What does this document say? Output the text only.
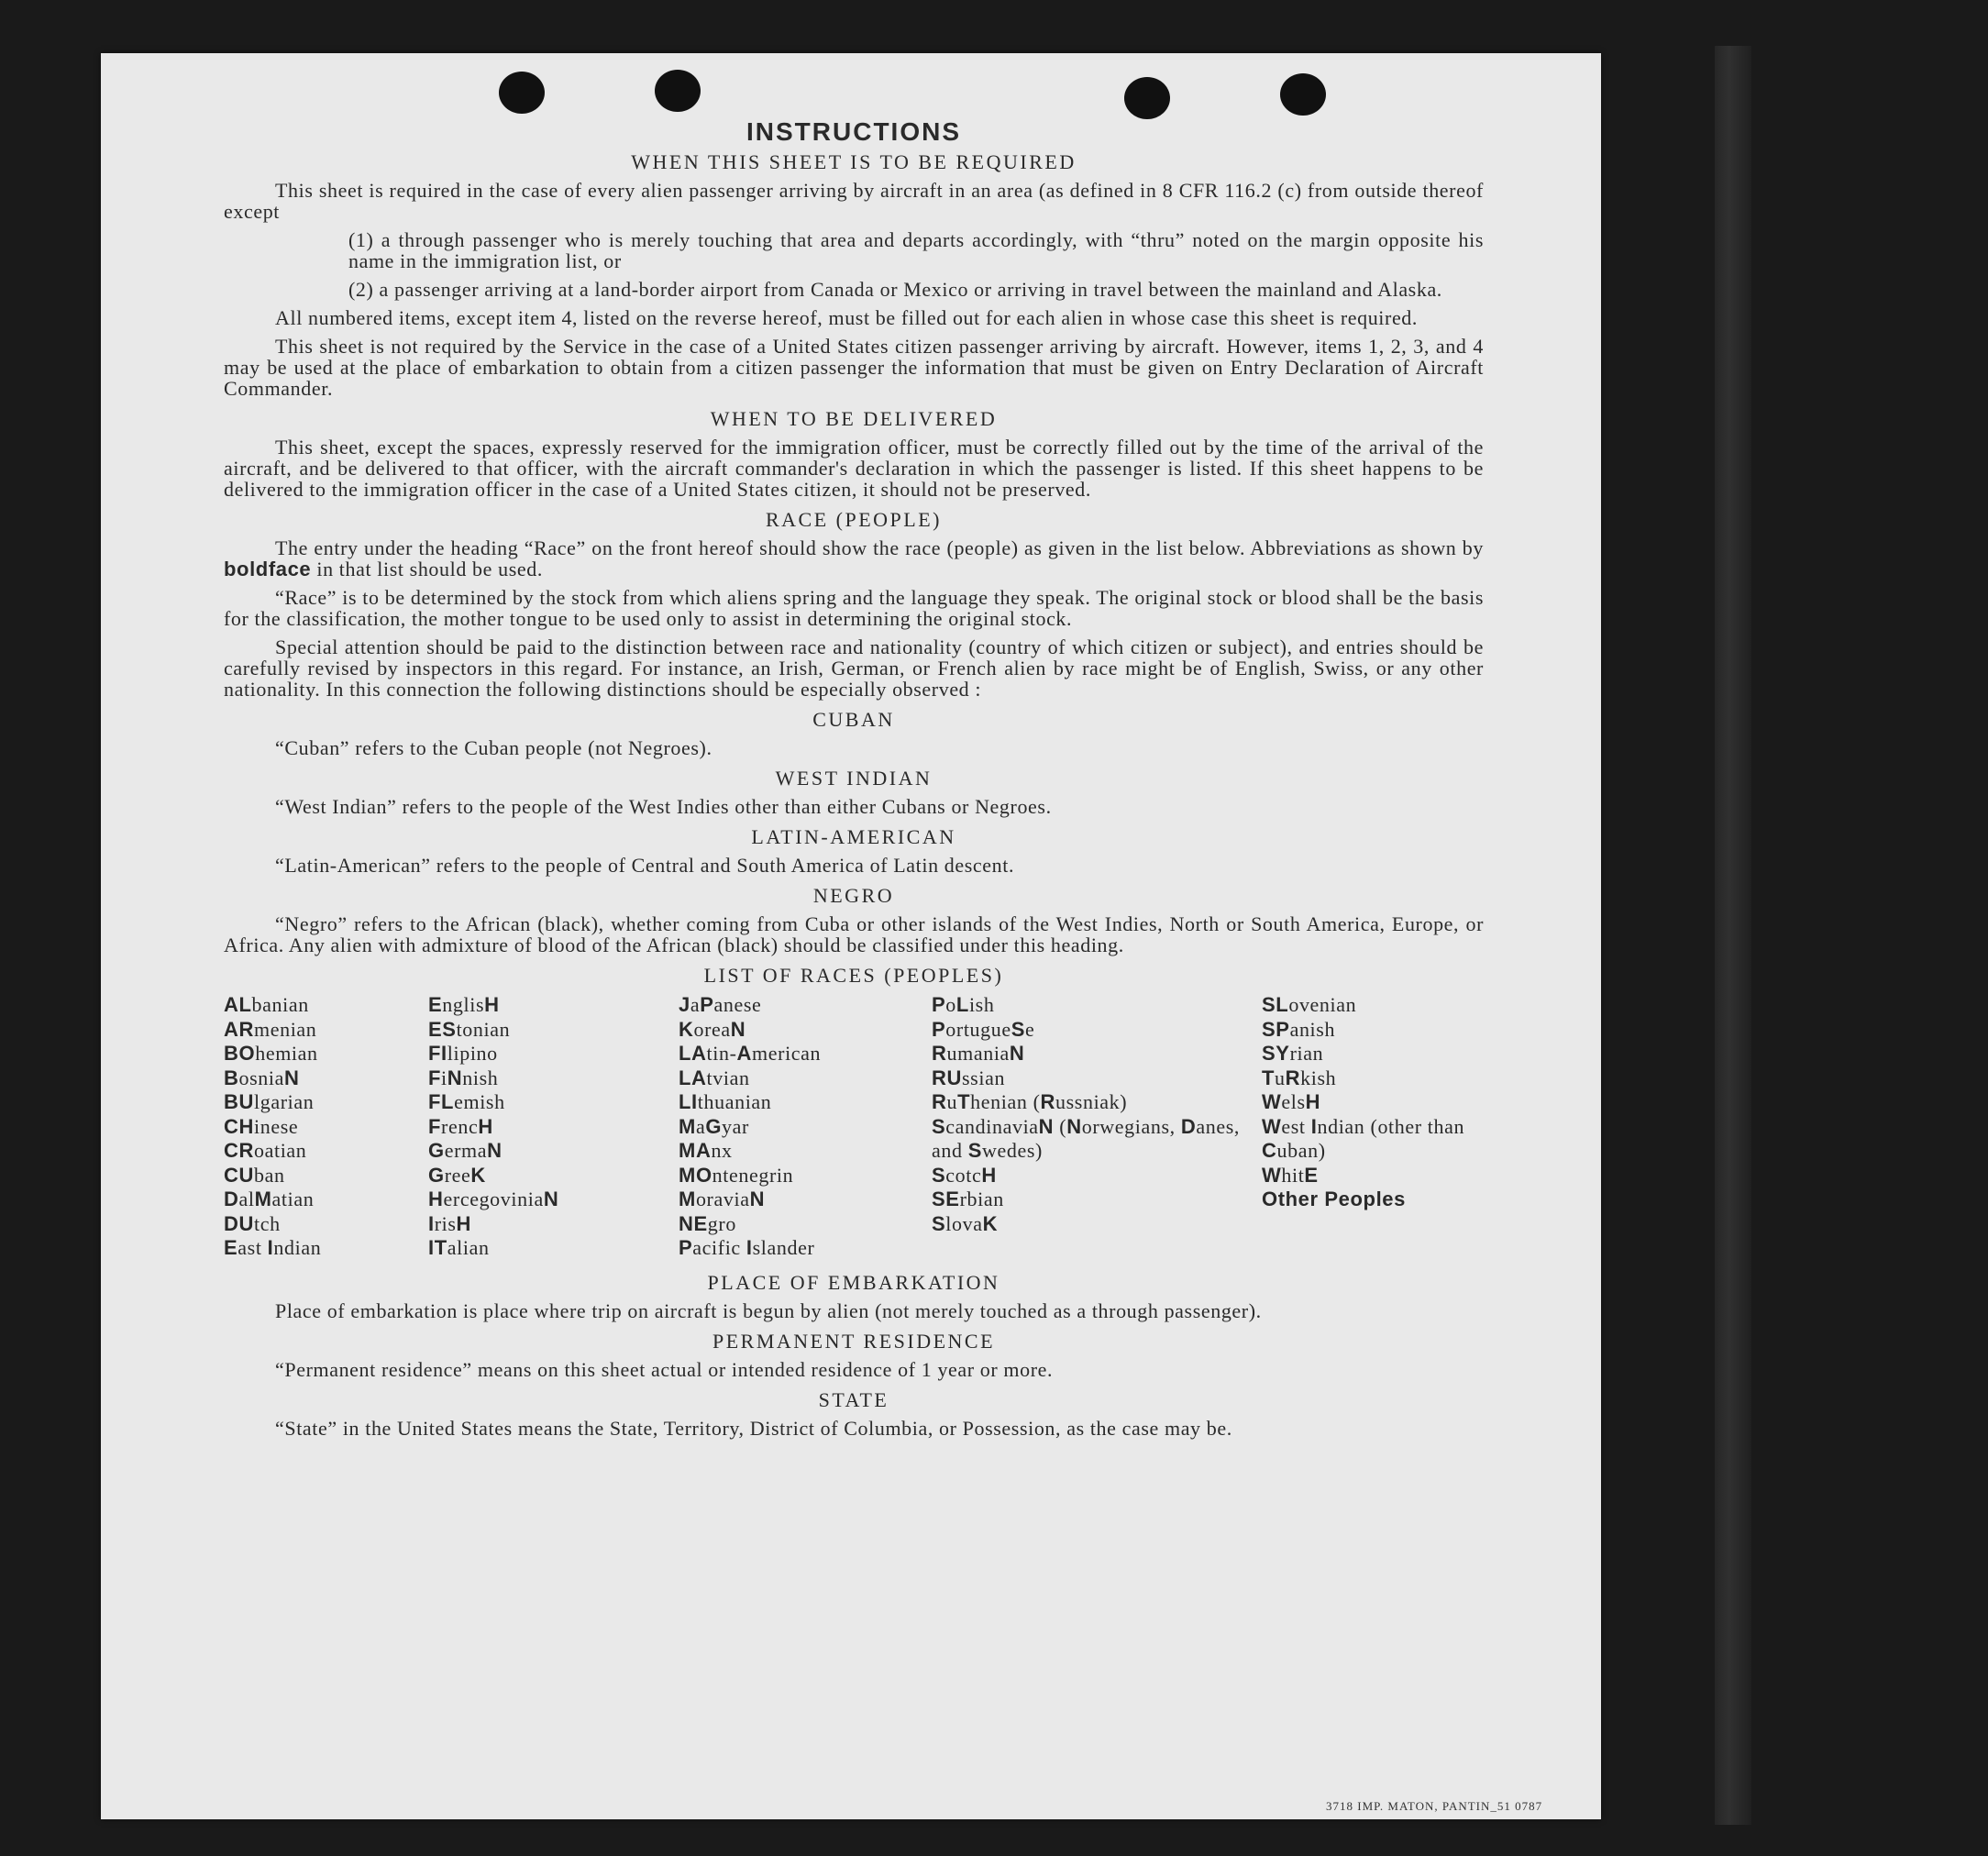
INSTRUCTIONS
WHEN THIS SHEET IS TO BE REQUIRED

This sheet is required in the case of every alien passenger arriving by aircraft in an area (as defined in 8 CFR 116.2 (c) from outside thereof except

(1) a through passenger who is merely touching that area and departs accordingly, with “thru” noted on the margin opposite his name in the immigration list, or

(2) a passenger arriving at a land-border airport from Canada or Mexico or arriving in travel between the mainland and Alaska.

All numbered items, except item 4, listed on the reverse hereof, must be filled out for each alien in whose case this sheet is required.

This sheet is not required by the Service in the case of a United States citizen passenger arriving by aircraft. However, items 1, 2, 3, and 4 may be used at the place of embarkation to obtain from a citizen passenger the information that must be given on Entry Declaration of Aircraft Commander.

WHEN TO BE DELIVERED

This sheet, except the spaces, expressly reserved for the immigration officer, must be correctly filled out by the time of the arrival of the aircraft, and be delivered to that officer, with the aircraft commander's declaration in which the passenger is listed. If this sheet happens to be delivered to the immigration officer in the case of a United States citizen, it should not be preserved.

RACE (PEOPLE)

The entry under the heading “Race” on the front hereof should show the race (people) as given in the list below. Abbreviations as shown by boldface in that list should be used.

“Race” is to be determined by the stock from which aliens spring and the language they speak. The original stock or blood shall be the basis for the classification, the mother tongue to be used only to assist in determining the original stock.

Special attention should be paid to the distinction between race and nationality (country of which citizen or subject), and entries should be carefully revised by inspectors in this regard. For instance, an Irish, German, or French alien by race might be of English, Swiss, or any other nationality. In this connection the following distinctions should be especially observed :

CUBAN

“Cuban” refers to the Cuban people (not Negroes).

WEST INDIAN

“West Indian” refers to the people of the West Indies other than either Cubans or Negroes.

LATIN-AMERICAN

“Latin-American” refers to the people of Central and South America of Latin descent.

NEGRO

“Negro” refers to the African (black), whether coming from Cuba or other islands of the West Indies, North or South America, Europe, or Africa. Any alien with admixture of blood of the African (black) should be classified under this heading.

LIST OF RACES (PEOPLES)
ALbanian
ARmenian
BOhemian
BosniaN
BUlgarian
CHinese
CRoatian
CUban
DalMatian
DUtch
East Indian
EnglisH
EStonian
FIlipino
FiNnish
FLemish
FrencH
GermaN
GreeK
HercegoviniaN
IrisH
ITalian
JaPanese
KoreaN
LAtin-American
LAtvian
LIthuanian
MaGyar
MAnx
MOntenegrin
MoraviaN
NEgro
Pacific Islander
PoLish
PortugueSe
RumaniaN
RUssian
RuThenian (Russniak)
ScandinaviaN (Norwegians, Danes, and Swedes)
ScotcH
SErbian
SlovaK
SLovenian
SPanish
SYrian
TuRkish
WelsH
West Indian (other than Cuban)
WhitE
Other Peoples
PLACE OF EMBARKATION

Place of embarkation is place where trip on aircraft is begun by alien (not merely touched as a through passenger).

PERMANENT RESIDENCE

“Permanent residence” means on this sheet actual or intended residence of 1 year or more.

STATE

“State” in the United States means the State, Territory, District of Columbia, or Possession, as the case may be.

3718 IMP. MATON, PANTIN_51 0787
